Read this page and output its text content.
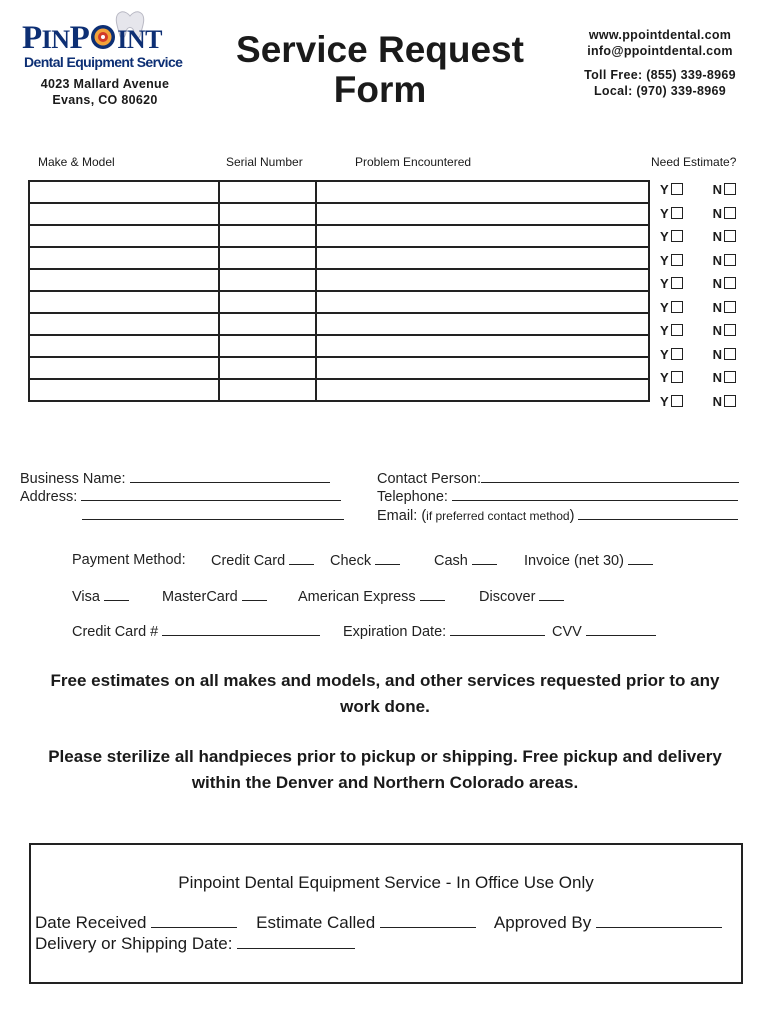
PINP INT
Dental Equipment Service
4023 Mallard Avenue
Evans, CO 80620
Service Request
Form
www.ppointdental.com
info@ppointdental.com
Toll Free: (855) 339-8969
Local: (970) 339-8969
Make & Model	Serial Number	Problem Encountered	Need Estimate?

Y	N
Y	N
Y	N
Y	N
Y	N
Y	N
Y	N
Y	N
Y	N
Y	N
Business Name:
Address:
Contact Person:
Telephone:
Email: (if preferred contact method)
Payment Method: Credit Card	Check	Cash	Invoice (net 30)
Visa	MasterCard	American Express	Discover
Credit Card #	Expiration Date:	CVV
Free estimates on all makes and models, and other services requested prior to any work done.
Please sterilize all handpieces prior to pickup or shipping. Free pickup and delivery within the Denver and Northern Colorado areas.
Pinpoint Dental Equipment Service - In Office Use Only
Date Received	Estimate Called	Approved By
Delivery or Shipping Date:
